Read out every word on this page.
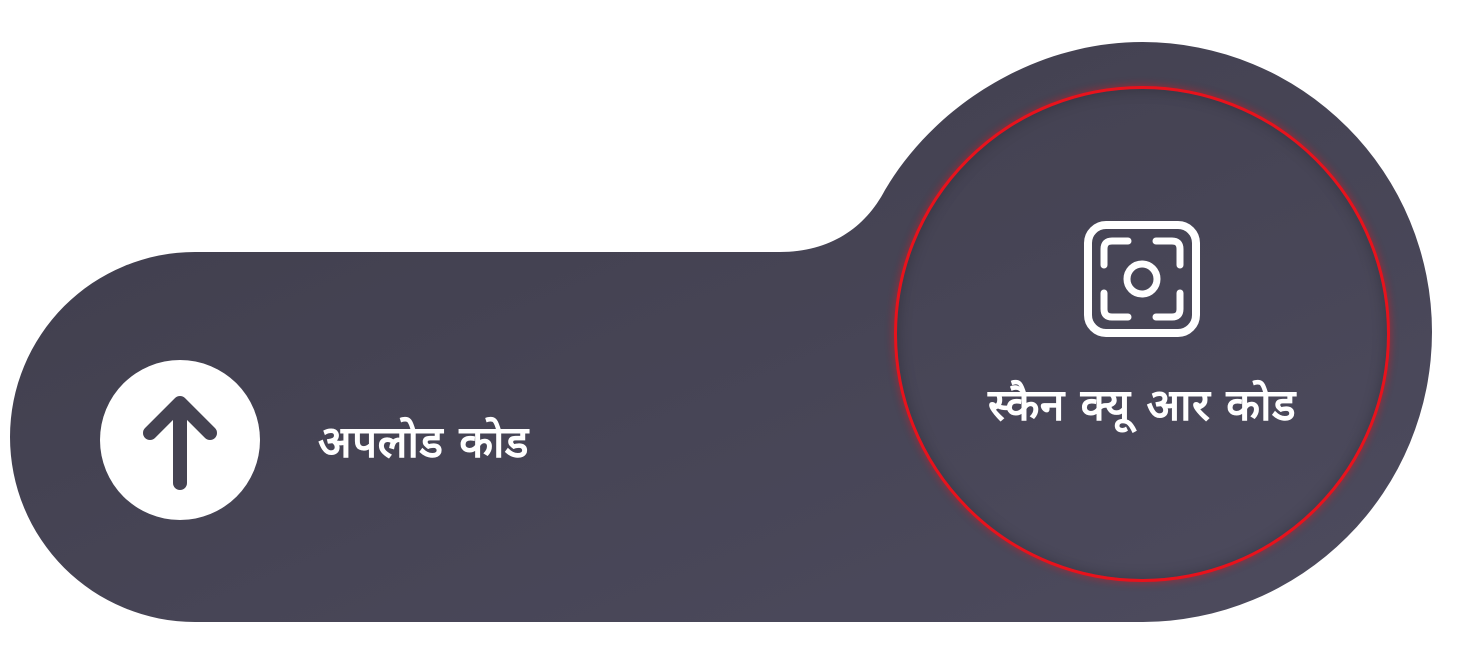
अपलोड कोड
स्कैन क्यू आर कोड
